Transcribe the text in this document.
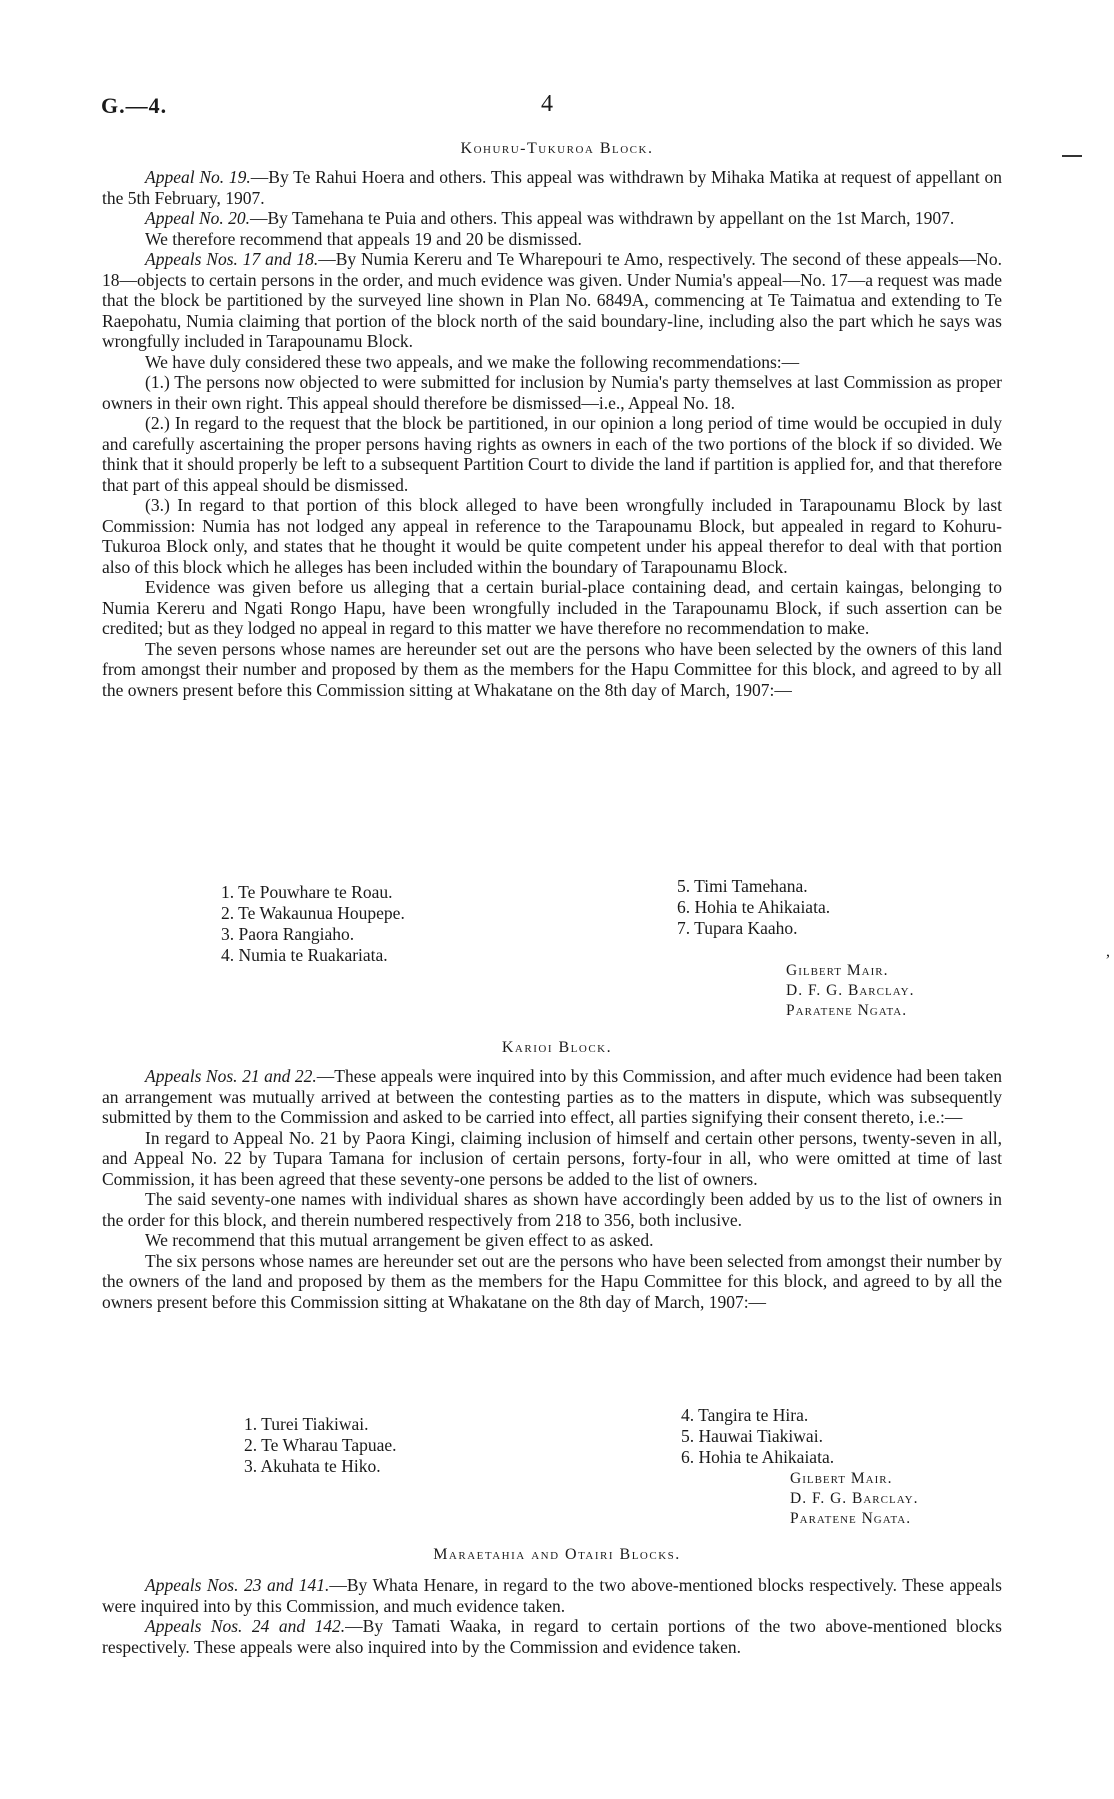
G.—4.	4
,
Kohuru-Tukuroa Block.

Appeal No. 19.—By Te Rahui Hoera and others. This appeal was withdrawn by Mihaka Matika at request of appellant on the 5th February, 1907.

Appeal No. 20.—By Tamehana te Puia and others. This appeal was withdrawn by appellant on the 1st March, 1907.

We therefore recommend that appeals 19 and 20 be dismissed.

Appeals Nos. 17 and 18.—By Numia Kereru and Te Wharepouri te Amo, respectively. The second of these appeals—No. 18—objects to certain persons in the order, and much evidence was given. Under Numia's appeal—No. 17—a request was made that the block be partitioned by the surveyed line shown in Plan No. 6849A, commencing at Te Taimatua and extending to Te Raepohatu, Numia claiming that portion of the block north of the said boundary-line, including also the part which he says was wrongfully included in Tarapounamu Block.

We have duly considered these two appeals, and we make the following recommendations:—

(1.) The persons now objected to were submitted for inclusion by Numia's party themselves at last Commission as proper owners in their own right. This appeal should therefore be dismissed—i.e., Appeal No. 18.

(2.) In regard to the request that the block be partitioned, in our opinion a long period of time would be occupied in duly and carefully ascertaining the proper persons having rights as owners in each of the two portions of the block if so divided. We think that it should properly be left to a subsequent Partition Court to divide the land if partition is applied for, and that therefore that part of this appeal should be dismissed.

(3.) In regard to that portion of this block alleged to have been wrongfully included in Tarapounamu Block by last Commission: Numia has not lodged any appeal in reference to the Tarapounamu Block, but appealed in regard to Kohuru-Tukuroa Block only, and states that he thought it would be quite competent under his appeal therefor to deal with that portion also of this block which he alleges has been included within the boundary of Tarapounamu Block.

Evidence was given before us alleging that a certain burial-place containing dead, and certain kaingas, belonging to Numia Kereru and Ngati Rongo Hapu, have been wrongfully included in the Tarapounamu Block, if such assertion can be credited; but as they lodged no appeal in regard to this matter we have therefore no recommendation to make.

The seven persons whose names are hereunder set out are the persons who have been selected by the owners of this land from amongst their number and proposed by them as the members for the Hapu Committee for this block, and agreed to by all the owners present before this Commission sitting at Whakatane on the 8th day of March, 1907:—

1. Te Pouwhare te Roau.
2. Te Wakaunua Houpepe.
3. Paora Rangiaho.
4. Numia te Ruakariata.
5. Timi Tamehana.
6. Hohia te Ahikaiata.
7. Tupara Kaaho.
Gilbert Mair.
D. F. G. Barclay.
Paratene Ngata.
Karioi Block.

Appeals Nos. 21 and 22.—These appeals were inquired into by this Commission, and after much evidence had been taken an arrangement was mutually arrived at between the contesting parties as to the matters in dispute, which was subsequently submitted by them to the Commission and asked to be carried into effect, all parties signifying their consent thereto, i.e.:—

In regard to Appeal No. 21 by Paora Kingi, claiming inclusion of himself and certain other persons, twenty-seven in all, and Appeal No. 22 by Tupara Tamana for inclusion of certain persons, forty-four in all, who were omitted at time of last Commission, it has been agreed that these seventy-one persons be added to the list of owners.

The said seventy-one names with individual shares as shown have accordingly been added by us to the list of owners in the order for this block, and therein numbered respectively from 218 to 356, both inclusive.

We recommend that this mutual arrangement be given effect to as asked.

The six persons whose names are hereunder set out are the persons who have been selected from amongst their number by the owners of the land and proposed by them as the members for the Hapu Committee for this block, and agreed to by all the owners present before this Commission sitting at Whakatane on the 8th day of March, 1907:—

1. Turei Tiakiwai.
2. Te Wharau Tapuae.
3. Akuhata te Hiko.
4. Tangira te Hira.
5. Hauwai Tiakiwai.
6. Hohia te Ahikaiata.
Gilbert Mair.
D. F. G. Barclay.
Paratene Ngata.
Maraetahia and Otairi Blocks.

Appeals Nos. 23 and 141.—By Whata Henare, in regard to the two above-mentioned blocks respectively. These appeals were inquired into by this Commission, and much evidence taken.

Appeals Nos. 24 and 142.—By Tamati Waaka, in regard to certain portions of the two above-mentioned blocks respectively. These appeals were also inquired into by the Commission and evidence taken.
